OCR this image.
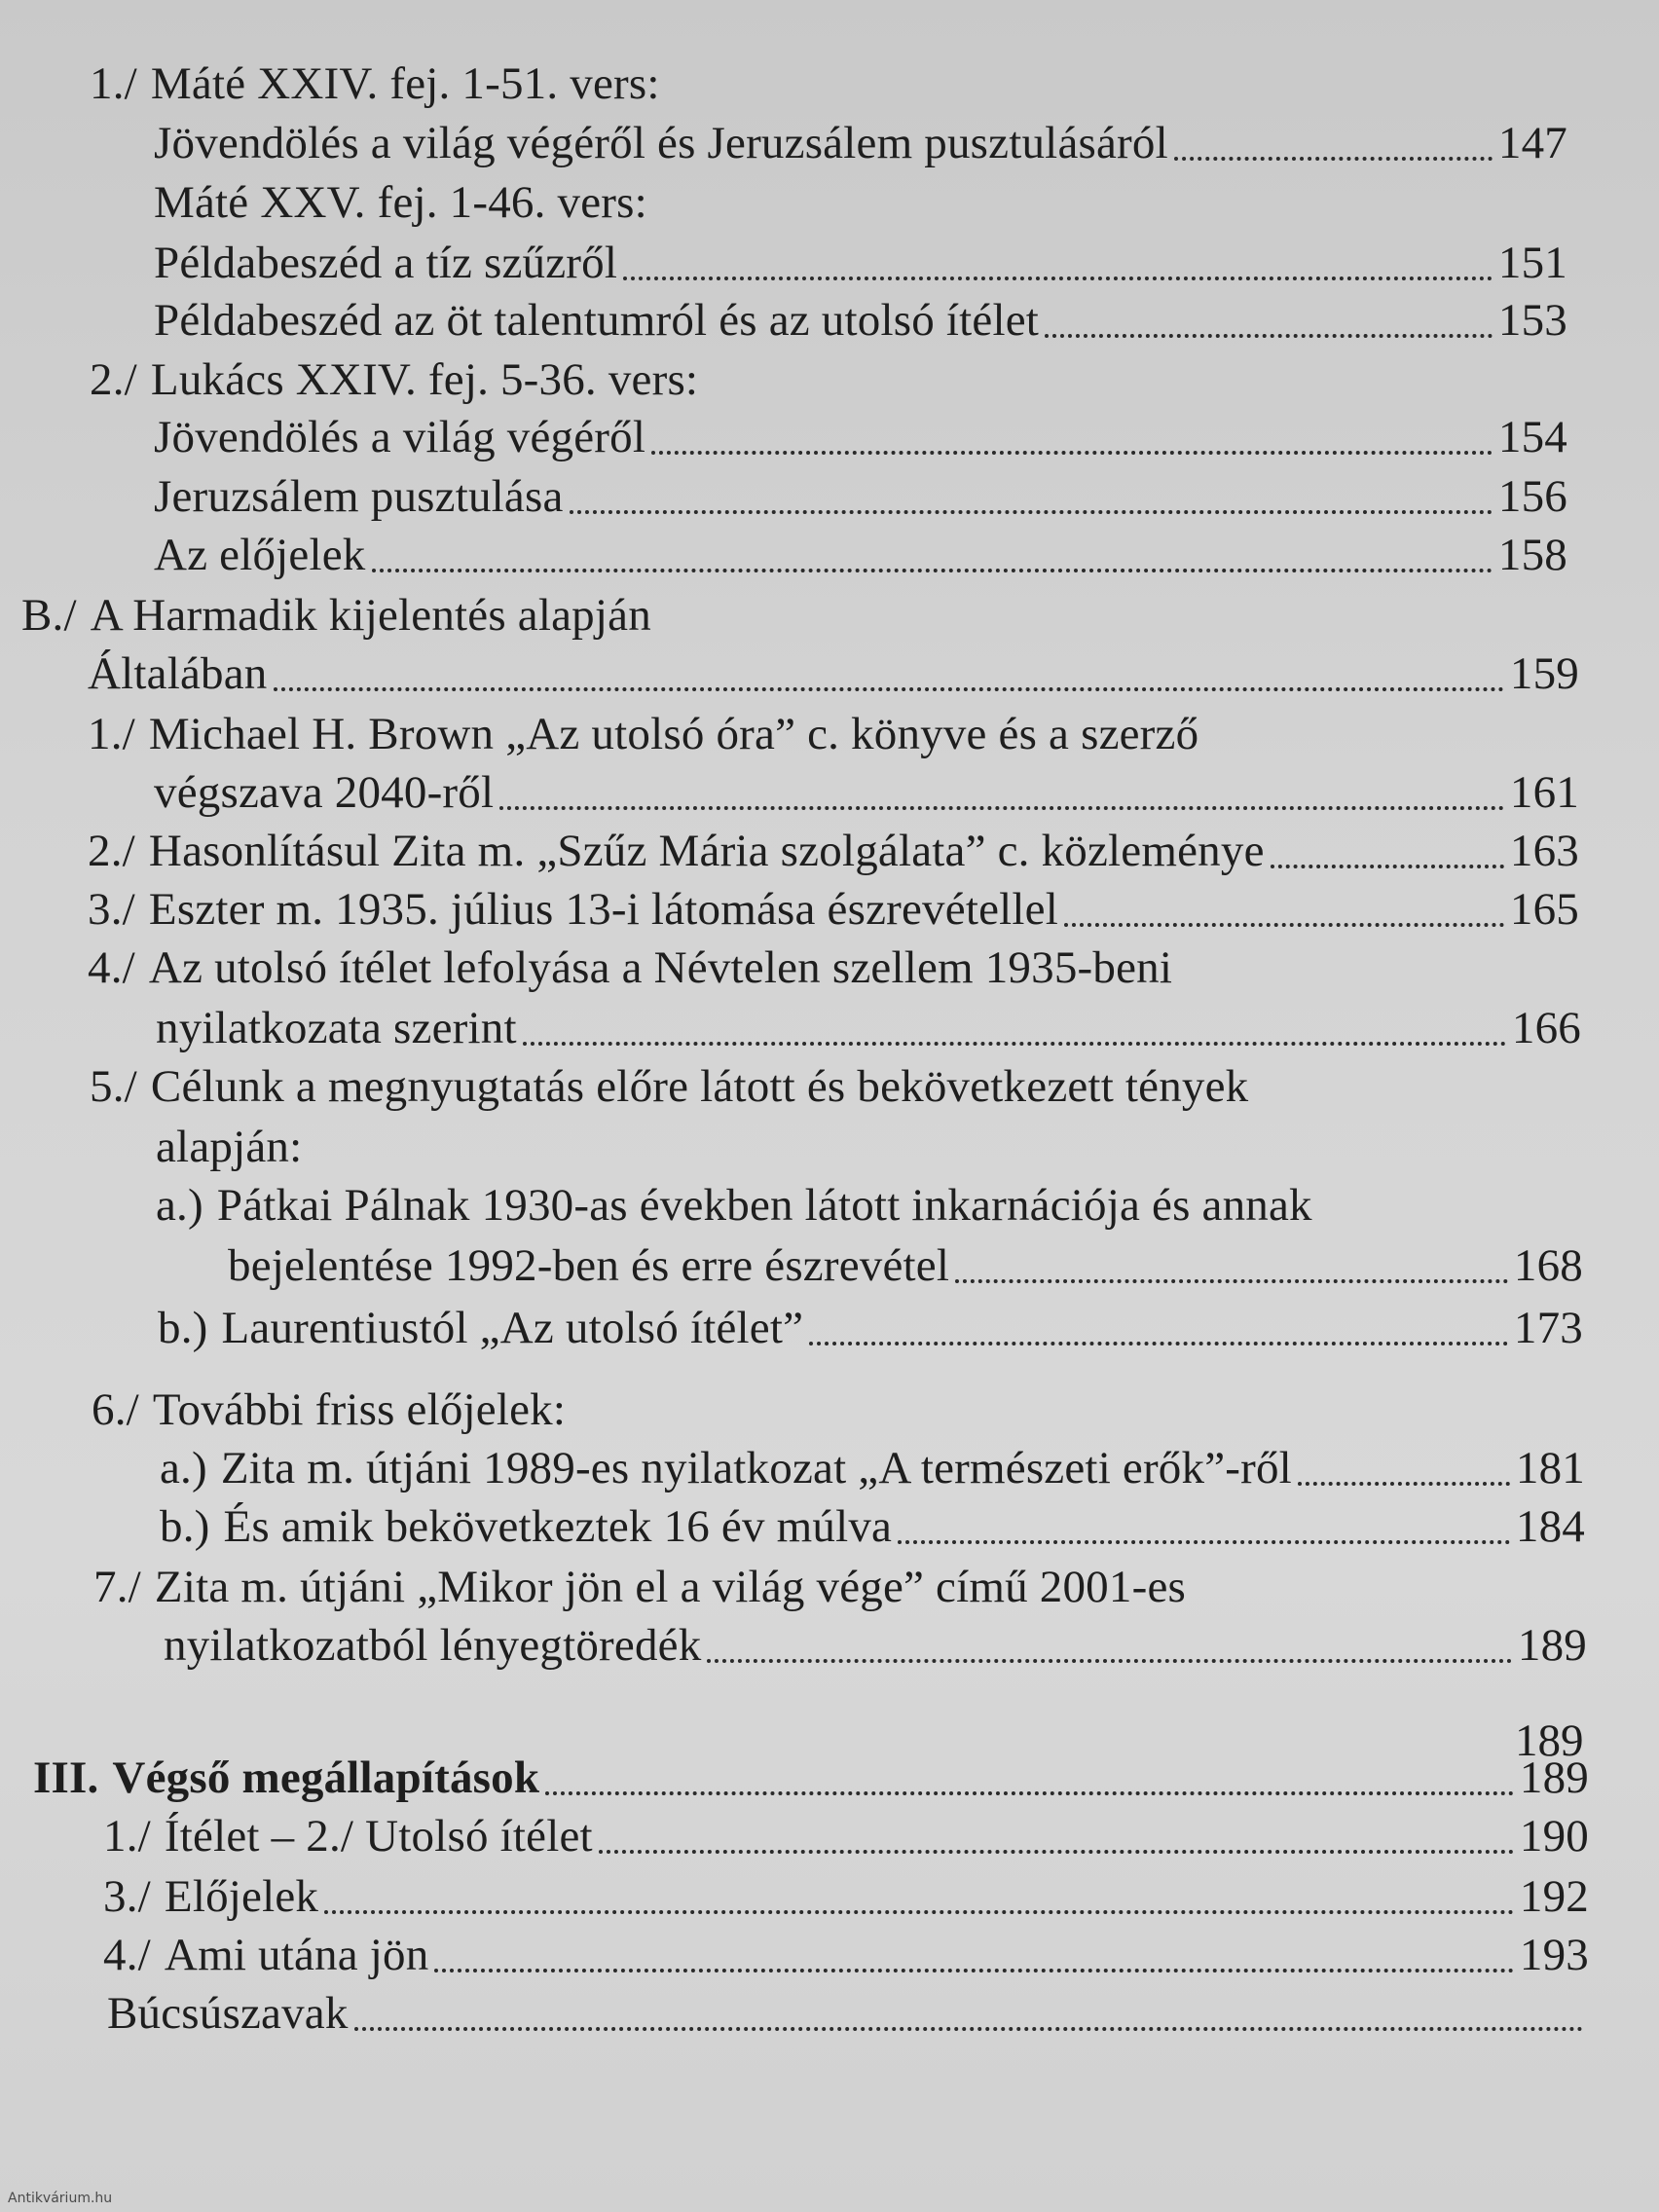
1./ Máté XXIV. fej. 1-51. vers:
Jövendölés a világ végéről és Jeruzsálem pusztulásáról	147
Máté XXV. fej. 1-46. vers:
Példabeszéd a tíz szűzről	151
Példabeszéd az öt talentumról és az utolsó ítélet	153
2./ Lukács XXIV. fej. 5-36. vers:
Jövendölés a világ végéről	154
Jeruzsálem pusztulása	156
Az előjelek	158
B./ A Harmadik kijelentés alapján
Általában	159
1./ Michael H. Brown „Az utolsó óra” c. könyve és a szerző
végszava 2040-ről	161
2./ Hasonlításul Zita m. „Szűz Mária szolgálata” c. közleménye	163
3./ Eszter m. 1935. július 13-i látomása észrevétellel	165
4./ Az utolsó ítélet lefolyása a Névtelen szellem 1935-beni
nyilatkozata szerint	166
5./ Célunk a megnyugtatás előre látott és bekövetkezett tények
alapján:
a.) Pátkai Pálnak 1930-as években látott inkarnációja és annak
bejelentése 1992-ben és erre észrevétel	168
b.) Laurentiustól „Az utolsó ítélet”	173
6./ További friss előjelek:
a.) Zita m. útjáni 1989-es nyilatkozat „A természeti erők”-ről	181
b.) És amik bekövetkeztek 16 év múlva	184
7./ Zita m. útjáni „Mikor jön el a világ vége” című 2001-es
nyilatkozatból lényegtöredék	189
189
III. Végső megállapítások	189
1./ Ítélet – 2./ Utolsó ítélet	190
3./ Előjelek	192
4./ Ami utána jön	193
Búcsúszavak
Antikvárium.hu
